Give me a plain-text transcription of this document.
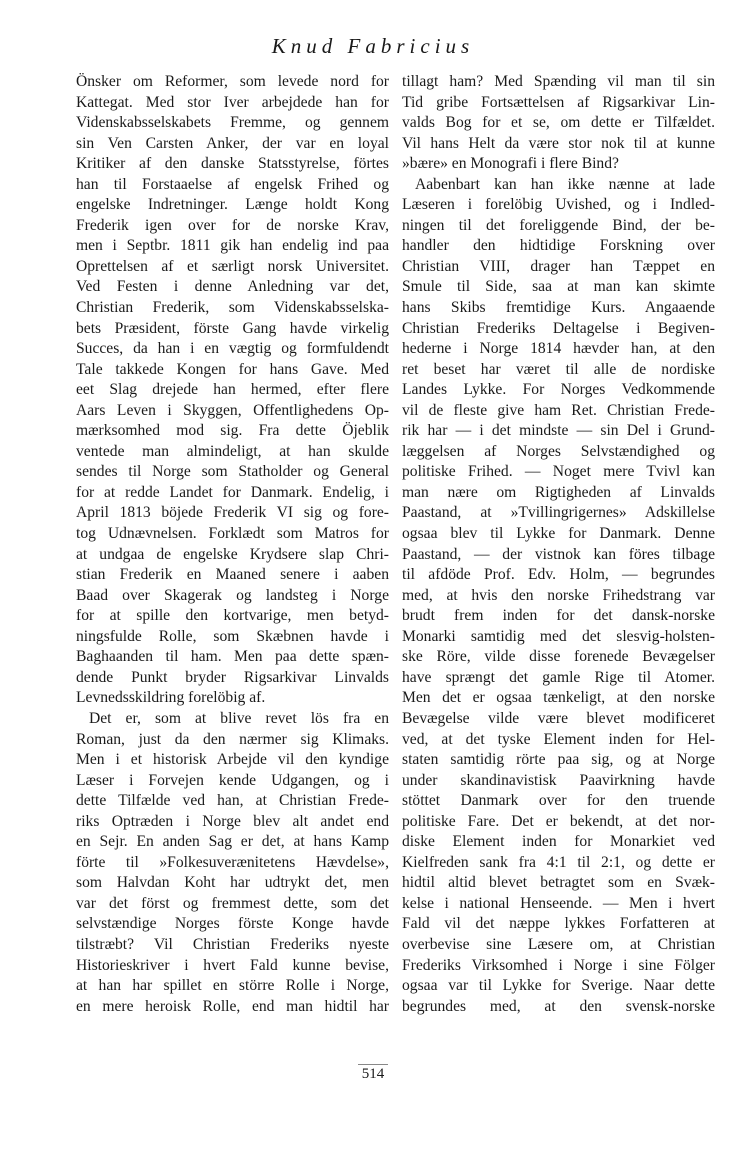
Knud Fabricius
Önsker om Reformer, som levede nord for
Kattegat. Med stor Iver arbejdede han for
Videnskabsselskabets Fremme, og gennem
sin Ven Carsten Anker, der var en loyal
Kritiker af den danske Statsstyrelse, förtes
han til Forstaaelse af engelsk Frihed og
engelske Indretninger. Længe holdt Kong
Frederik igen over for de norske Krav,
men i Septbr. 1811 gik han endelig ind paa
Oprettelsen af et særligt norsk Universitet.
Ved Festen i denne Anledning var det,
Christian Frederik, som Videnskabsselska-
bets Præsident, förste Gang havde virkelig
Succes, da han i en vægtig og formfuldendt
Tale takkede Kongen for hans Gave. Med
eet Slag drejede han hermed, efter flere
Aars Leven i Skyggen, Offentlighedens Op-
mærksomhed mod sig. Fra dette Öjeblik
ventede man almindeligt, at han skulde
sendes til Norge som Statholder og General
for at redde Landet for Danmark. Endelig, i
April 1813 böjede Frederik VI sig og fore-
tog Udnævnelsen. Forklædt som Matros for
at undgaa de engelske Krydsere slap Chri-
stian Frederik en Maaned senere i aaben
Baad over Skagerak og landsteg i Norge
for at spille den kortvarige, men betyd-
ningsfulde Rolle, som Skæbnen havde i
Baghaanden til ham. Men paa dette spæn-
dende Punkt bryder Rigsarkivar Linvalds
Levnedsskildring forelöbig af.
Det er, som at blive revet lös fra en
Roman, just da den nærmer sig Klimaks.
Men i et historisk Arbejde vil den kyndige
Læser i Forvejen kende Udgangen, og i
dette Tilfælde ved han, at Christian Frede-
riks Optræden i Norge blev alt andet end
en Sejr. En anden Sag er det, at hans Kamp
förte til »Folkesuverænitetens Hævdelse»,
som Halvdan Koht har udtrykt det, men
var det först og fremmest dette, som det
selvstændige Norges förste Konge havde
tilstræbt? Vil Christian Frederiks nyeste
Historieskriver i hvert Fald kunne bevise,
at han har spillet en större Rolle i Norge,
en mere heroisk Rolle, end man hidtil har
tillagt ham? Med Spænding vil man til sin
Tid gribe Fortsættelsen af Rigsarkivar Lin-
valds Bog for et se, om dette er Tilfældet.
Vil hans Helt da være stor nok til at kunne
»bære» en Monografi i flere Bind?
Aabenbart kan han ikke nænne at lade
Læseren i forelöbig Uvished, og i Indled-
ningen til det foreliggende Bind, der be-
handler den hidtidige Forskning over
Christian VIII, drager han Tæppet en
Smule til Side, saa at man kan skimte
hans Skibs fremtidige Kurs. Angaaende
Christian Frederiks Deltagelse i Begiven-
hederne i Norge 1814 hævder han, at den
ret beset har været til alle de nordiske
Landes Lykke. For Norges Vedkommende
vil de fleste give ham Ret. Christian Frede-
rik har — i det mindste — sin Del i Grund-
læggelsen af Norges Selvstændighed og
politiske Frihed. — Noget mere Tvivl kan
man nære om Rigtigheden af Linvalds
Paastand, at »Tvillingrigernes» Adskillelse
ogsaa blev til Lykke for Danmark. Denne
Paastand, — der vistnok kan föres tilbage
til afdöde Prof. Edv. Holm, — begrundes
med, at hvis den norske Frihedstrang var
brudt frem inden for det dansk-norske
Monarki samtidig med det slesvig-holsten-
ske Röre, vilde disse forenede Bevægelser
have sprængt det gamle Rige til Atomer.
Men det er ogsaa tænkeligt, at den norske
Bevægelse vilde være blevet modificeret
ved, at det tyske Element inden for Hel-
staten samtidig rörte paa sig, og at Norge
under skandinavistisk Paavirkning havde
stöttet Danmark over for den truende
politiske Fare. Det er bekendt, at det nor-
diske Element inden for Monarkiet ved
Kielfreden sank fra 4:1 til 2:1, og dette er
hidtil altid blevet betragtet som en Svæk-
kelse i national Henseende. — Men i hvert
Fald vil det næppe lykkes Forfatteren at
overbevise sine Læsere om, at Christian
Frederiks Virksomhed i Norge i sine Fölger
ogsaa var til Lykke for Sverige. Naar dette
begrundes med, at den svensk-norske
514
